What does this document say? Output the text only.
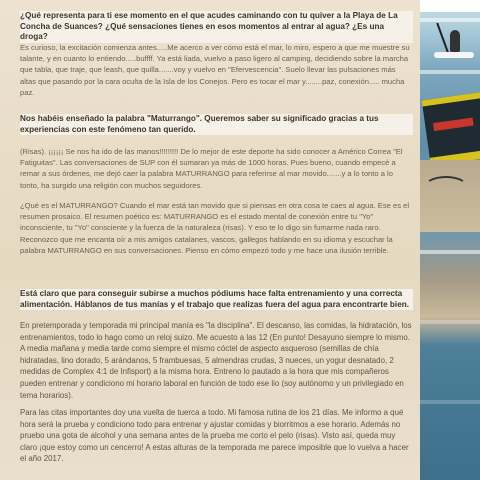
¿Qué representa para ti ese momento en el que acudes caminando con tu quiver a la Playa de La Concha de Suances? ¿Qué sensaciones tienes en esos momentos al entrar al agua? ¿Es una droga?

Es curioso, la excitación comienza antes.....Me acerco a ver cómo está el mar, lo miro, espero a que me muestre su talante, y en cuanto lo entiendo.....buffff. Ya está liada, vuelvo a paso ligero al camping, decidiendo sobre la marcha que tabla, que traje, que leash, que quilla.......voy y vuelvo en "Efervescencia". Suelo llevar las pulsaciones más altas que pasando por la cara oculta de la Isla de los Conejos. Pero es tocar el mar y........paz, conexión..... mucha paz.

Nos habéis enseñado la palabra "Maturrango". Queremos saber su significado gracias a tus experiencias con este fenómeno tan querido.

(Risas). ¡¡¡¡¡¡ Se nos ha ido de las manos!!!!!!!!! De lo mejor de este deporte ha sido conocer a Américo Correa "El Fatiguitas". Las conversaciones de SUP con él sumaran ya más de 1000 horas. Pues bueno, cuando empecé a remar a sus órdenes, me dejó caer la palabra MATURRANGO para referirse al mar movido.......y a lo tonto a lo tonto, ha surgido una religión con muchos seguidores.

¿Qué es el MATURRANGO? Cuando el mar está tan movido que si piensas en otra cosa te caes al agua. Ese es el resumen prosaico. El resumen poético es: MATURRANGO es el estado mental de conexión entre tu "Yo" inconsciente, tu "Yo" consciente y la fuerza de la naturaleza (risas). Y eso te lo digo sin fumarme nada raro. Reconozco que me encanta oír a mis amigos catalanes, vascos, gallegos hablando en su idioma y escuchar la palabra MATURRANGO en sus conversaciones. Pienso en cómo empezó todo y me hace una ilusión terrible.

Está claro que para conseguir subirse a muchos pódiums hace falta entrenamiento y una correcta alimentación. Háblanos de tus manías y el trabajo que realizas fuera del agua para encontrarte bien.

En pretemporada y temporada mi principal manía es "la disciplina". El descanso, las comidas, la hidratación, los entrenamientos, todo lo hago como un reloj suizo. Me acuesto a las 12 (En punto! Desayuno siempre lo mismo. A media mañana y media tarde como siempre el mismo cóctel de aspecto asqueroso (semillas de chía hidratadas, lino dorado, 5 arándanos, 5 frambuesas, 5 almendras crudas, 3 nueces, un yogur desnatado, 2 medidas de Complex 4:1 de Infisport) a la misma hora. Entreno lo pautado a la hora que mis compañeros pueden entrenar y condiciono mi horario laboral en función de todo ese lio (soy autónomo y un privilegiado en tema horarios).

Para las citas importantes doy una vuelta de tuerca a todo. Mi famosa rutina de los 21 días. Me informo a qué hora será la prueba y condiciono todo para entrenar y ajustar comidas y biorritmos a ese horario. Además no pruebo una gota de alcohol y una semana antes de la prueba me corto el pelo (risas). Visto así, queda muy claro ¡que estoy como un cencerro! A estas alturas de la temporada me parece imposible que lo vuelva a hacer el año 2017.
